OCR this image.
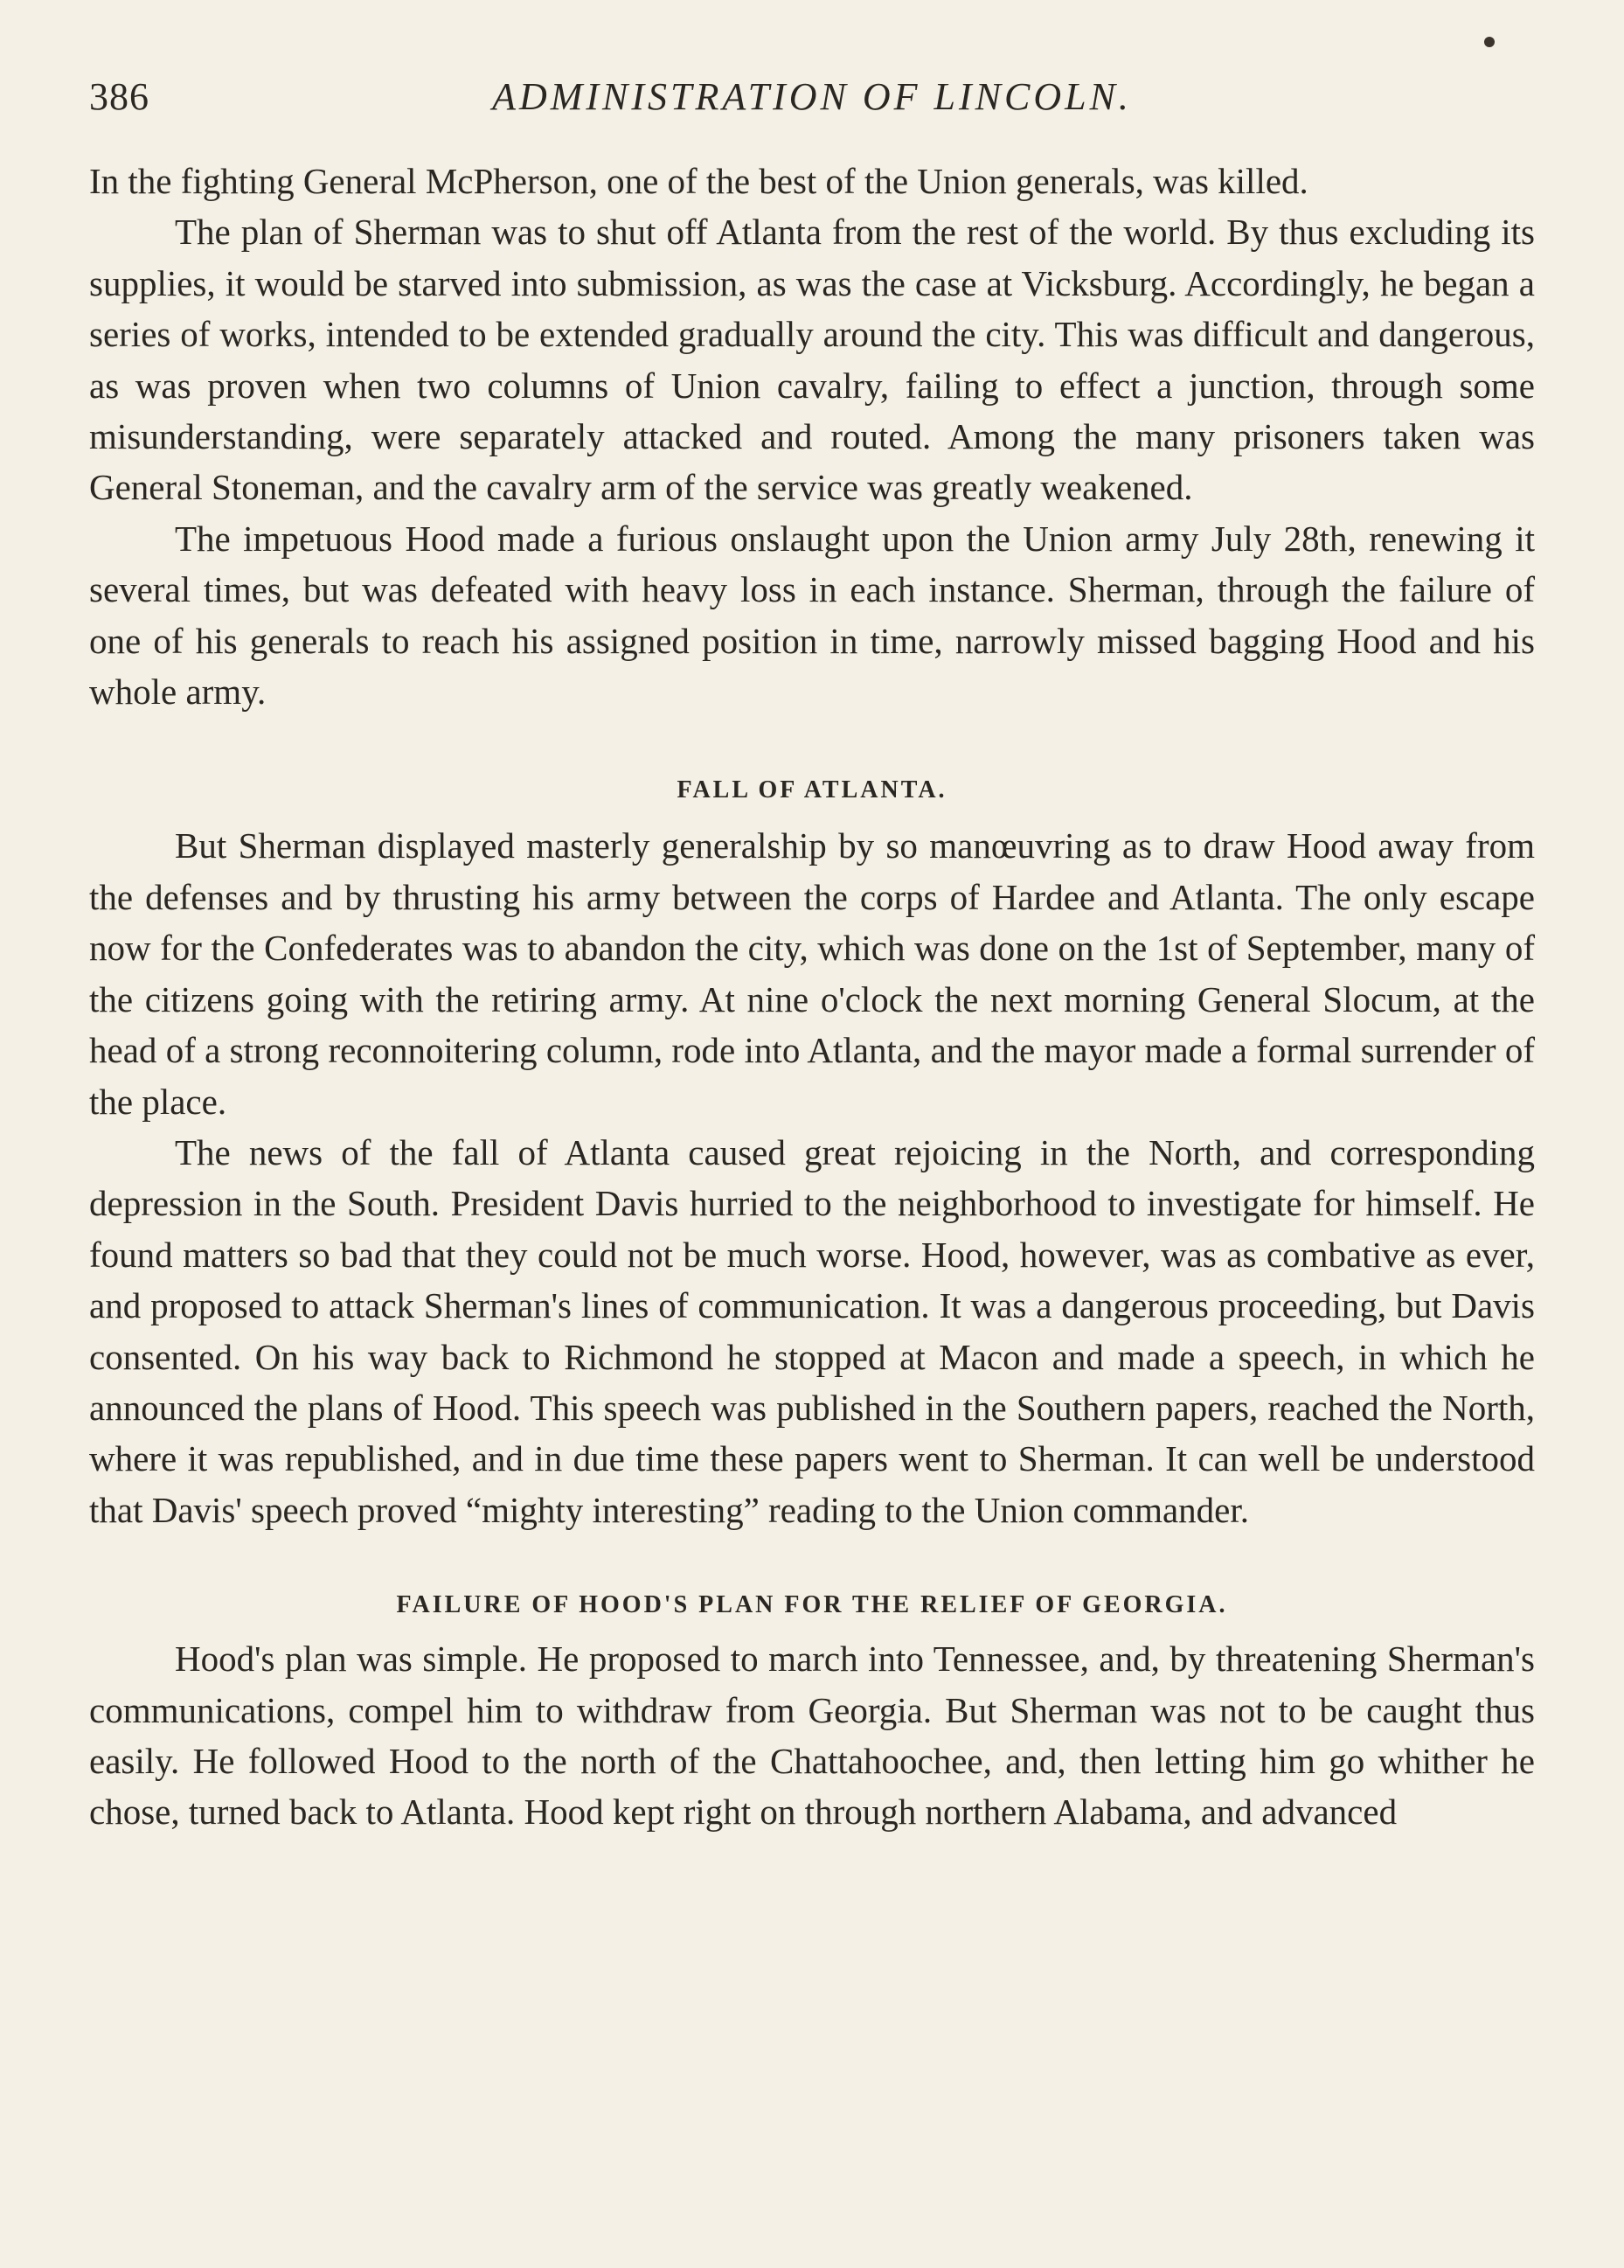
386	ADMINISTRATION OF LINCOLN.

In the fighting General McPherson, one of the best of the Union generals, was killed.

The plan of Sherman was to shut off Atlanta from the rest of the world. By thus excluding its supplies, it would be starved into submission, as was the case at Vicksburg. Accordingly, he began a series of works, intended to be extended gradually around the city. This was difficult and dangerous, as was proven when two columns of Union cavalry, failing to effect a junction, through some misunderstanding, were separately attacked and routed. Among the many prisoners taken was General Stoneman, and the cavalry arm of the service was greatly weakened.

The impetuous Hood made a furious onslaught upon the Union army July 28th, renewing it several times, but was defeated with heavy loss in each instance. Sherman, through the failure of one of his generals to reach his assigned position in time, narrowly missed bagging Hood and his whole army.

FALL OF ATLANTA.

But Sherman displayed masterly generalship by so manœuvring as to draw Hood away from the defenses and by thrusting his army between the corps of Hardee and Atlanta. The only escape now for the Confederates was to abandon the city, which was done on the 1st of September, many of the citizens going with the retiring army. At nine o'clock the next morning General Slocum, at the head of a strong reconnoitering column, rode into Atlanta, and the mayor made a formal surrender of the place.

The news of the fall of Atlanta caused great rejoicing in the North, and corresponding depression in the South. President Davis hurried to the neighborhood to investigate for himself. He found matters so bad that they could not be much worse. Hood, however, was as combative as ever, and proposed to attack Sherman's lines of communication. It was a dangerous proceeding, but Davis consented. On his way back to Richmond he stopped at Macon and made a speech, in which he announced the plans of Hood. This speech was published in the Southern papers, reached the North, where it was republished, and in due time these papers went to Sherman. It can well be understood that Davis' speech proved “mighty interesting” reading to the Union commander.

FAILURE OF HOOD'S PLAN FOR THE RELIEF OF GEORGIA.

Hood's plan was simple. He proposed to march into Tennessee, and, by threatening Sherman's communications, compel him to withdraw from Georgia. But Sherman was not to be caught thus easily. He followed Hood to the north of the Chattahoochee, and, then letting him go whither he chose, turned back to Atlanta. Hood kept right on through northern Alabama, and advanced
